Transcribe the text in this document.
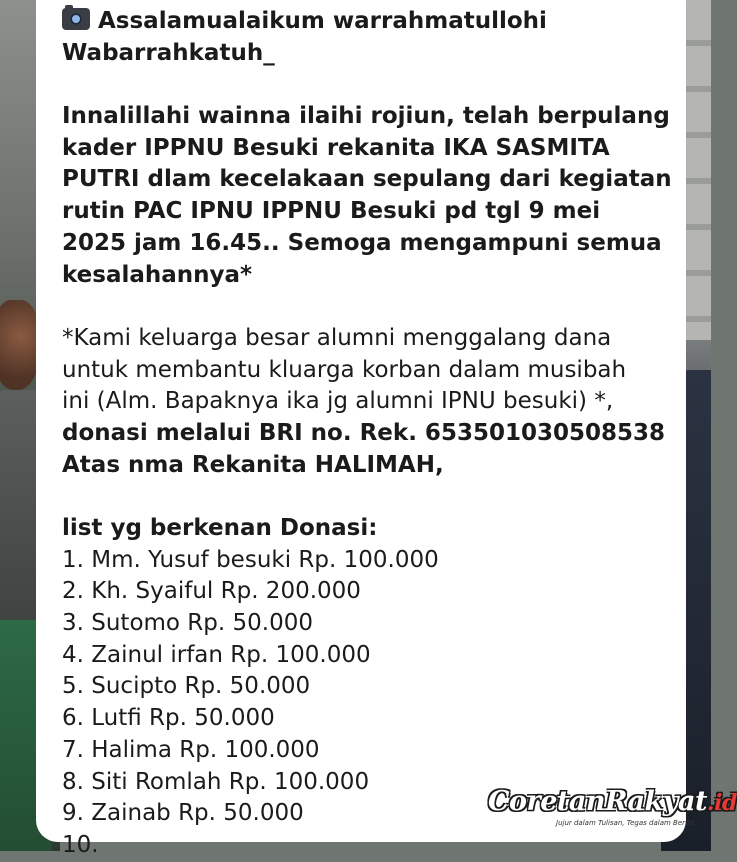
Assalamualaikum warrahmatullohi
Wabarrahkatuh_
Innalillahi wainna ilaihi rojiun, telah berpulang
kader IPPNU Besuki rekanita IKA SASMITA
PUTRI dlam kecelakaan sepulang dari kegiatan
rutin PAC IPNU IPPNU Besuki pd tgl 9 mei
2025 jam 16.45.. Semoga mengampuni semua
kesalahannya*
*Kami keluarga besar alumni menggalang dana
untuk membantu kluarga korban dalam musibah
ini (Alm. Bapaknya ika jg alumni IPNU besuki) *,
donasi melalui BRI no. Rek. 653501030508538
Atas nma Rekanita HALIMAH,
list yg berkenan Donasi:
1. Mm. Yusuf besuki Rp. 100.000
2. Kh. Syaiful Rp. 200.000
3. Sutomo Rp. 50.000
4. Zainul irfan Rp. 100.000
5. Sucipto Rp. 50.000
6. Lutfi Rp. 50.000
7. Halima Rp. 100.000
8. Siti Romlah Rp. 100.000
9. Zainab Rp. 50.000
10.
CoretanRakyat.id
Jujur dalam Tulisan, Tegas dalam Berita
